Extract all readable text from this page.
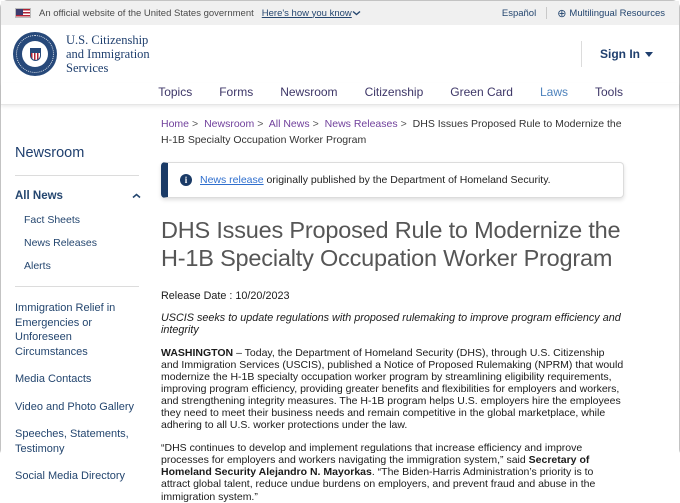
An official website of the United States government Here's how you know	Español ⊕ Multilingual Resources
U.S. Citizenship
and Immigration
Services
Sign In
Topics Forms Newsroom Citizenship Green Card Laws Tools
Newsroom
All News
Fact Sheets
News Releases
Alerts
Immigration Relief in Emergencies or Unforeseen Circumstances
Media Contacts
Video and Photo Gallery
Speeches, Statements, Testimony
Social Media Directory
Home > Newsroom > All News > News Releases > DHS Issues Proposed Rule to Modernize the H-1B Specialty Occupation Worker Program
i	News release originally published by the Department of Homeland Security.
DHS Issues Proposed Rule to Modernize the H-1B Specialty Occupation Worker Program
Release Date : 10/20/2023
USCIS seeks to update regulations with proposed rulemaking to improve program efficiency and integrity

WASHINGTON – Today, the Department of Homeland Security (DHS), through U.S. Citizenship and Immigration Services (USCIS), published a Notice of Proposed Rulemaking (NPRM) that would modernize the H-1B specialty occupation worker program by streamlining eligibility requirements, improving program efficiency, providing greater benefits and flexibilities for employers and workers, and strengthening integrity measures. The H-1B program helps U.S. employers hire the employees they need to meet their business needs and remain competitive in the global marketplace, while adhering to all U.S. worker protections under the law.

“DHS continues to develop and implement regulations that increase efficiency and improve processes for employers and workers navigating the immigration system,” said Secretary of Homeland Security Alejandro N. Mayorkas. “The Biden-Harris Administration’s priority is to attract global talent, reduce undue burdens on employers, and prevent fraud and abuse in the immigration system.”
